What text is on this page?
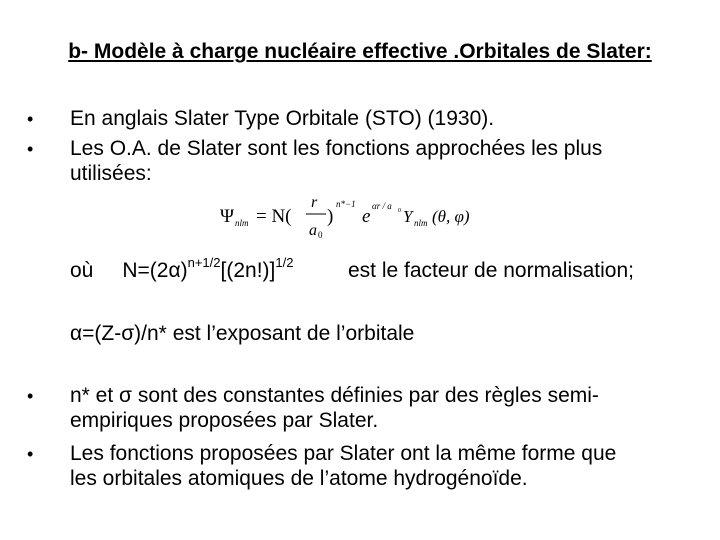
b- Modèle à charge nucléaire effective .Orbitales de Slater:
• En anglais Slater Type Orbitale (STO) (1930).
• Les O.A. de Slater sont les fonctions approchées les plus
utilisées:
Ψ nlm = N(
r
a 0
)
n*−1
e αr / a 0 Y nlm (θ, φ)
où $N=(2\alpha)^{n+1/2}[(2n!)]^{1/2}$	est le facteur de normalisation;
α=(Z-σ)/n* est l’exposant de l’orbitale
• n* et σ sont des constantes définies par des règles semi-
empiriques proposées par Slater.
• Les fonctions proposées par Slater ont la même forme que
les orbitales atomiques de l’atome hydrogénoïde.
